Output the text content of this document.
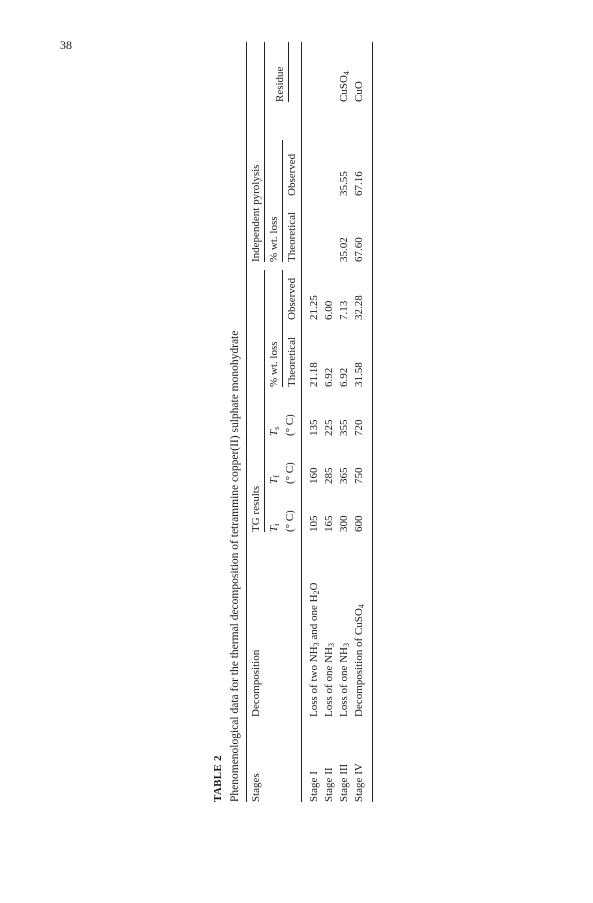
38
TABLE 2 Phenomenological data for the thermal decomposition of tetrammine copper(II) sulphate monohydrate Stages
Decomposition
TG results
Independent pyrolysis
Residue
$T_i$ (° C)
$T_f$ (° C)
$T_s$ (° C)
% wt. loss Theoretical
Observed
% wt. loss Theoretical
Observed
Stage I
Loss of two $NH_3$ and one $H_2O$
105
160
135
21.18
21.25
Stage II
Loss of one $NH_3$
165
285
225
6.92
6.00
Stage III
Loss of one $NH_3$
300
365
355
6.92
7.13
35.02
35.55
CuSO$_4$
Stage IV
Decomposition of CuSO$_4$
600
750
720
31.58
32.28
67.60
67.16
CuO
